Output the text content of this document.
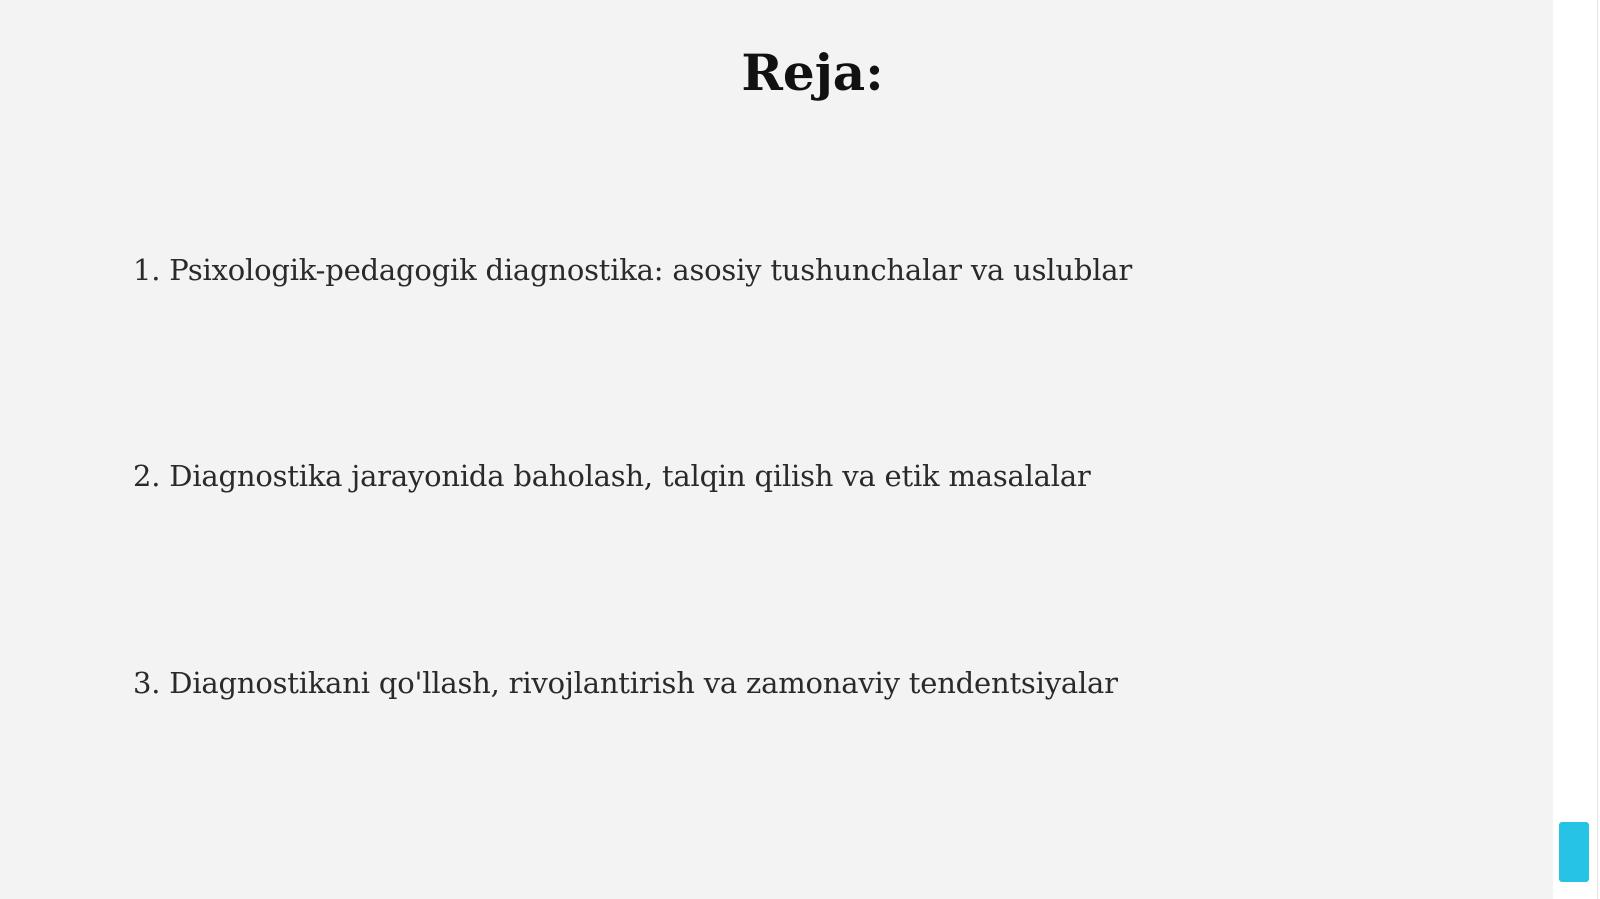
Reja:

1. Psixologik-pedagogik diagnostika: asosiy tushunchalar va uslublar

2. Diagnostika jarayonida baholash, talqin qilish va etik masalalar

3. Diagnostikani qo'llash, rivojlantirish va zamonaviy tendentsiyalar
